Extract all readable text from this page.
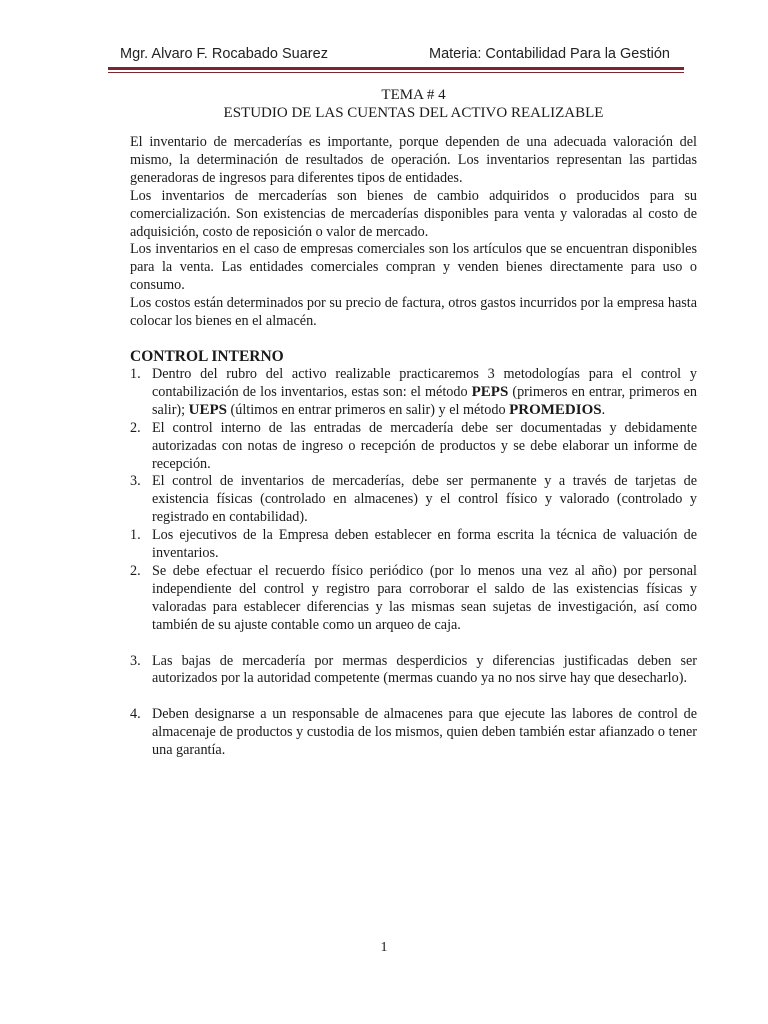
Mgr. Alvaro F. Rocabado Suarez	Materia: Contabilidad Para la Gestión

TEMA # 4

ESTUDIO DE LAS CUENTAS DEL ACTIVO REALIZABLE

El inventario de mercaderías es importante, porque dependen de una adecuada valoración del mismo, la determinación de resultados de operación. Los inventarios representan las partidas generadoras de ingresos para diferentes tipos de entidades.

Los inventarios de mercaderías son bienes de cambio adquiridos o producidos para su comercialización. Son existencias de mercaderías disponibles para venta y valoradas al costo de adquisición, costo de reposición o valor de mercado.

Los inventarios en el caso de empresas comerciales son los artículos que se encuentran disponibles para la venta. Las entidades comerciales compran y venden bienes directamente para uso o consumo.

Los costos están determinados por su precio de factura, otros gastos incurridos por la empresa hasta colocar los bienes en el almacén.

CONTROL INTERNO

1. Dentro del rubro del activo realizable practicaremos 3 metodologías para el control y contabilización de los inventarios, estas son: el método PEPS (primeros en entrar, primeros en salir); UEPS (últimos en entrar primeros en salir) y el método PROMEDIOS.
2. El control interno de las entradas de mercadería debe ser documentadas y debidamente autorizadas con notas de ingreso o recepción de productos y se debe elaborar un informe de recepción.
3. El control de inventarios de mercaderías, debe ser permanente y a través de tarjetas de existencia físicas (controlado en almacenes) y el control físico y valorado (controlado y registrado en contabilidad).
1. Los ejecutivos de la Empresa deben establecer en forma escrita la técnica de valuación de inventarios.
2. Se debe efectuar el recuerdo físico periódico (por lo menos una vez al año) por personal independiente del control y registro para corroborar el saldo de las existencias físicas y valoradas para establecer diferencias y las mismas sean sujetas de investigación, así como también de su ajuste contable como un arqueo de caja.
3. Las bajas de mercadería por mermas desperdicios y diferencias justificadas deben ser autorizados por la autoridad competente (mermas cuando ya no nos sirve hay que desecharlo).
4. Deben designarse a un responsable de almacenes para que ejecute las labores de control de almacenaje de productos y custodia de los mismos, quien deben también estar afianzado o tener una garantía.
1
